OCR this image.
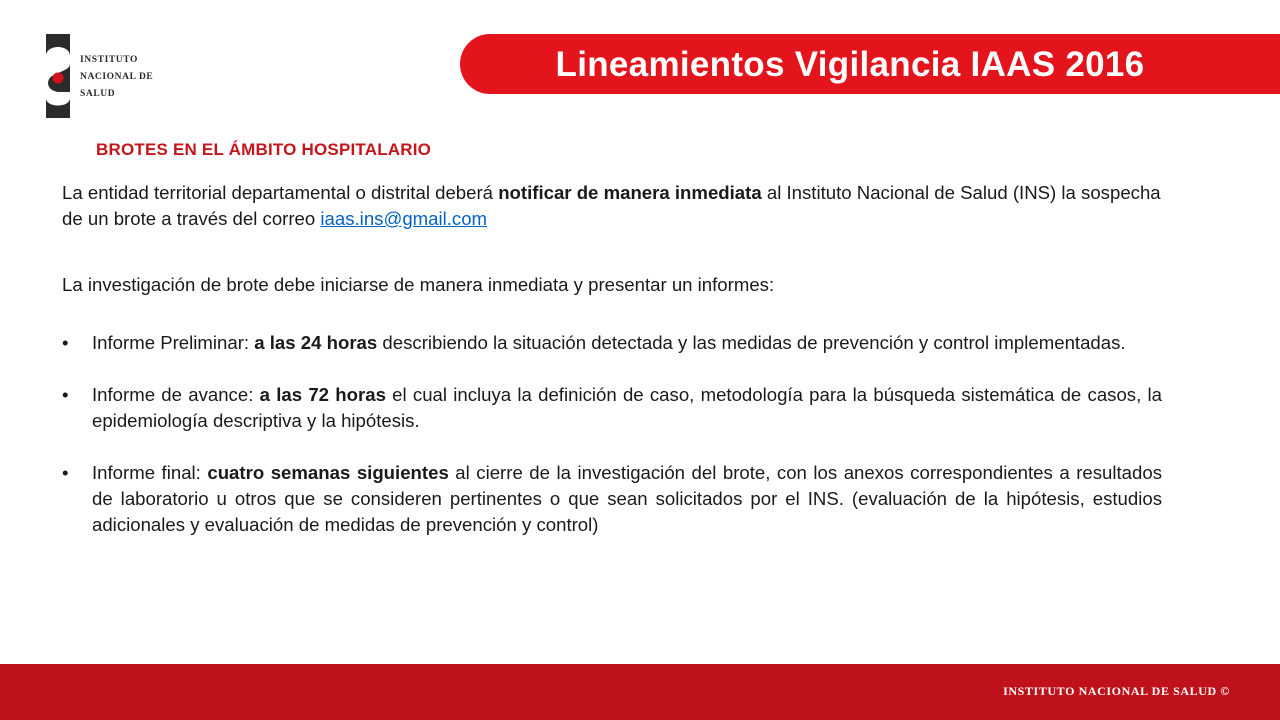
INSTITUTO
NACIONAL DE
SALUD
Lineamientos Vigilancia IAAS 2016
BROTES EN EL ÁMBITO HOSPITALARIO
La entidad territorial departamental o distrital deberá notificar de manera inmediata al Instituto Nacional de Salud (INS) la sospecha de un brote a través del correo iaas.ins@gmail.com
La investigación de brote debe iniciarse de manera inmediata y presentar un informes:
• Informe Preliminar: a las 24 horas describiendo la situación detectada y las medidas de prevención y control implementadas.
• Informe de avance: a las 72 horas el cual incluya la definición de caso, metodología para la búsqueda sistemática de casos, la epidemiología descriptiva y la hipótesis.
• Informe final: cuatro semanas siguientes al cierre de la investigación del brote, con los anexos correspondientes a resultados de laboratorio u otros que se consideren pertinentes o que sean solicitados por el INS. (evaluación de la hipótesis, estudios adicionales y evaluación de medidas de prevención y control)
INSTITUTO NACIONAL DE SALUD ©
